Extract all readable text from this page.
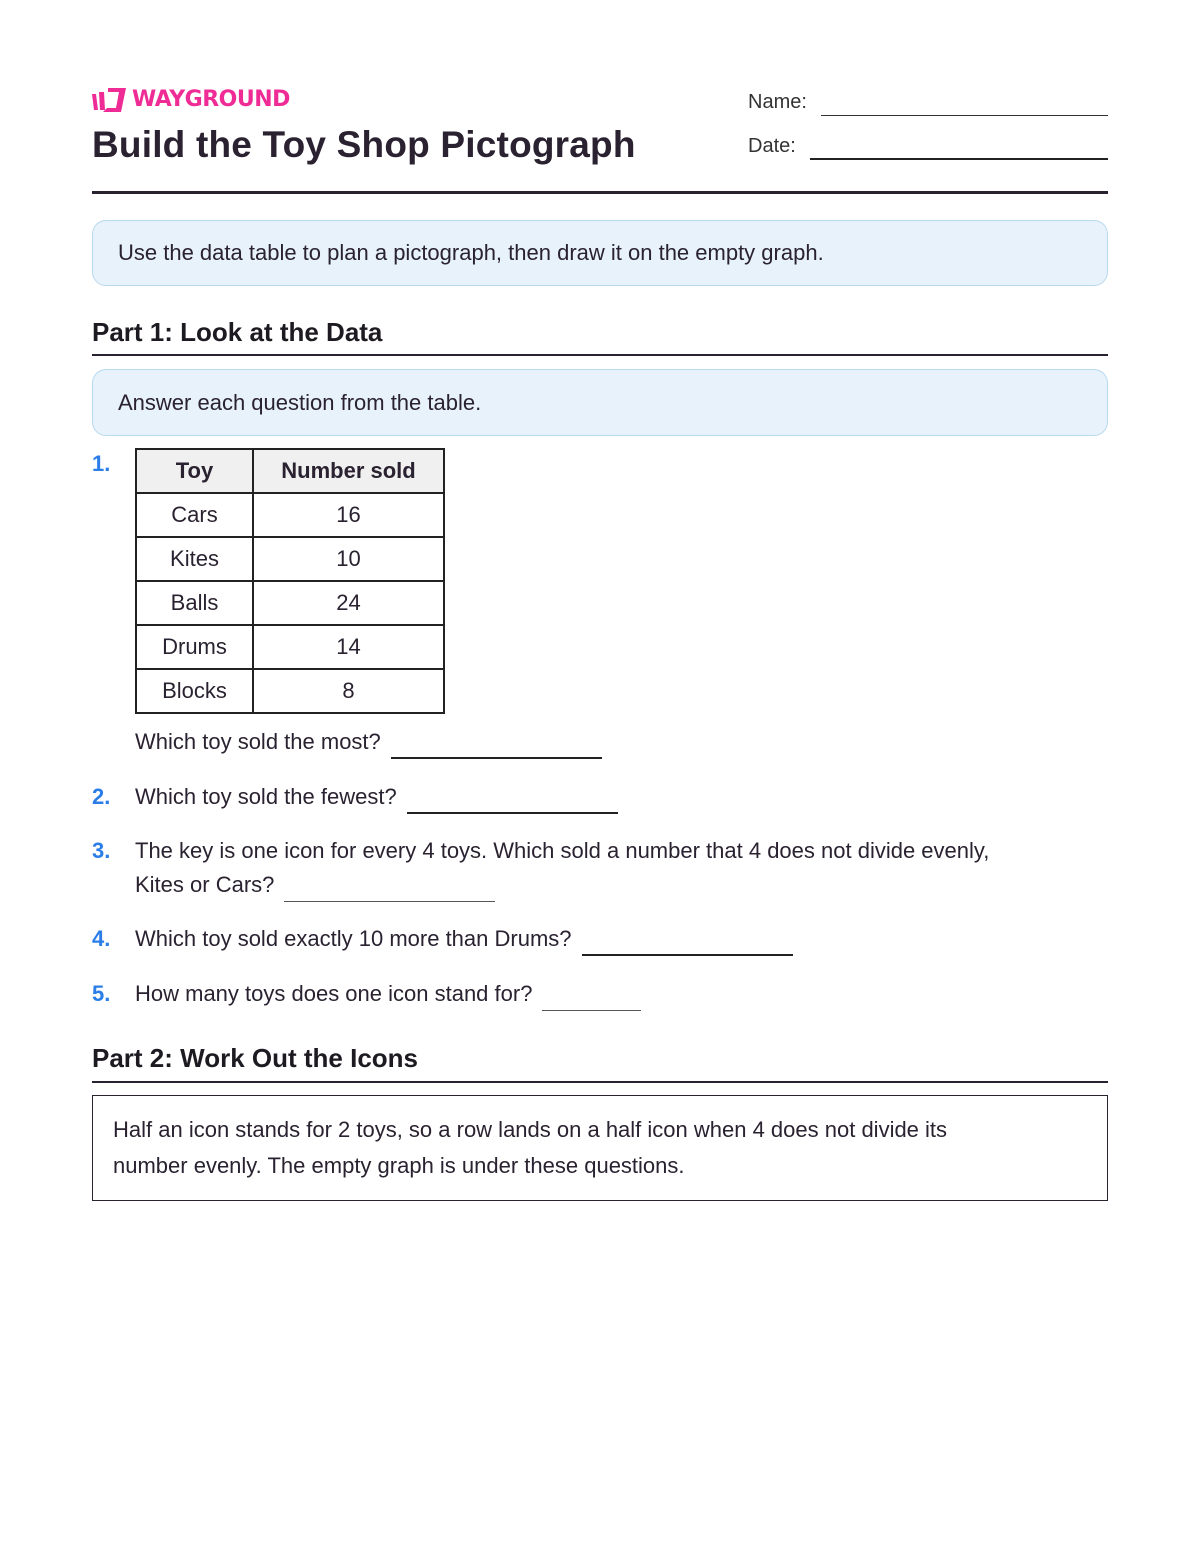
WAYGROUND
Build the Toy Shop Pictograph
Name:
Date:
Use the data table to plan a pictograph, then draw it on the empty graph.
Part 1: Look at the Data
Answer each question from the table.
1.	Toy	Number sold
Cars	16
Kites	10
Balls	24
Drums	14
Blocks	8
Which toy sold the most?
2. Which toy sold the fewest?
3. The key is one icon for every 4 toys. Which sold a number that 4 does not divide evenly,
Kites or Cars?
4. Which toy sold exactly 10 more than Drums?
5. How many toys does one icon stand for?
Part 2: Work Out the Icons
Half an icon stands for 2 toys, so a row lands on a half icon when 4 does not divide its
number evenly. The empty graph is under these questions.
